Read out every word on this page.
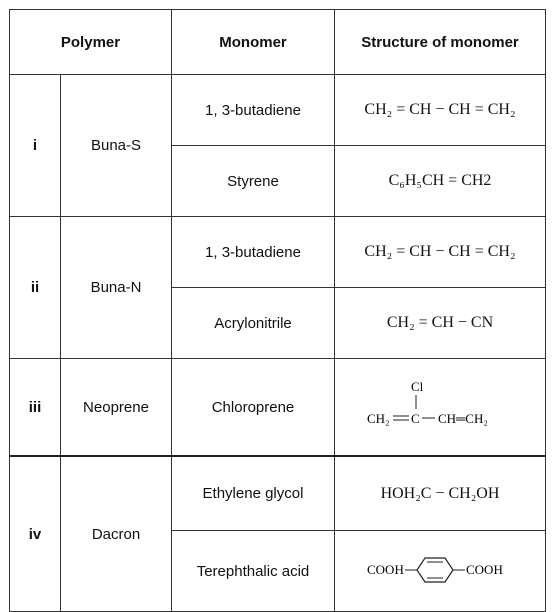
Polymer		Monomer	Structure of monomer
i	Buna-S	1, 3-butadiene	CH₂ = CH − CH = CH₂
		Styrene	C₆H₅CH = CH2
ii	Buna-N	1, 3-butadiene	CH₂ = CH − CH = CH₂
		Acrylonitrile	CH₂ = CH − CN
iii	Neoprene	Chloroprene	Cl
CH₂ C CH═CH₂

iv	Dacron	Ethylene glycol	HOH₂C − CH₂OH
		Terephthalic acid	COOH COOH
